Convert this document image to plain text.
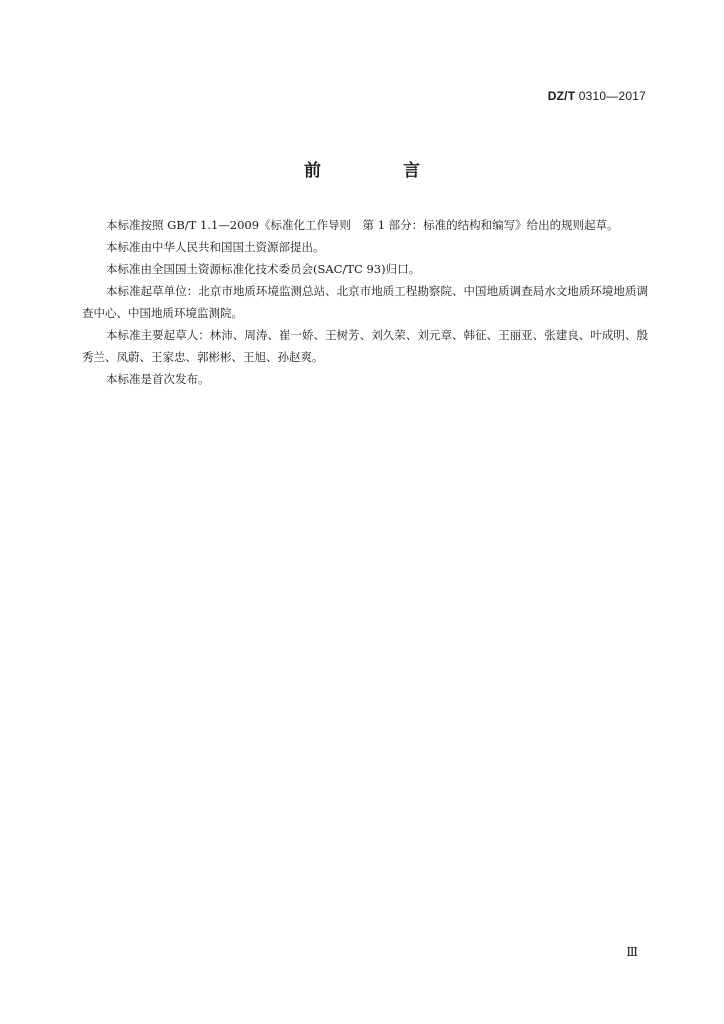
DZ/T 0310—2017
前 言

本标准按照 GB/T 1.1—2009《标准化工作导则　第 1 部分：标准的结构和编写》给出的规则起草。

本标准由中华人民共和国国土资源部提出。

本标准由全国国土资源标准化技术委员会(SAC/TC 93)归口。

本标准起草单位：北京市地质环境监测总站、北京市地质工程勘察院、中国地质调查局水文地质环境地质调查中心、中国地质环境监测院。

本标准主要起草人：林沛、周涛、崔一娇、王树芳、刘久荣、刘元章、韩征、王丽亚、张建良、叶成明、殷秀兰、凤蔚、王家忠、郭彬彬、王旭、孙赵爽。

本标准是首次发布。

Ⅲ
